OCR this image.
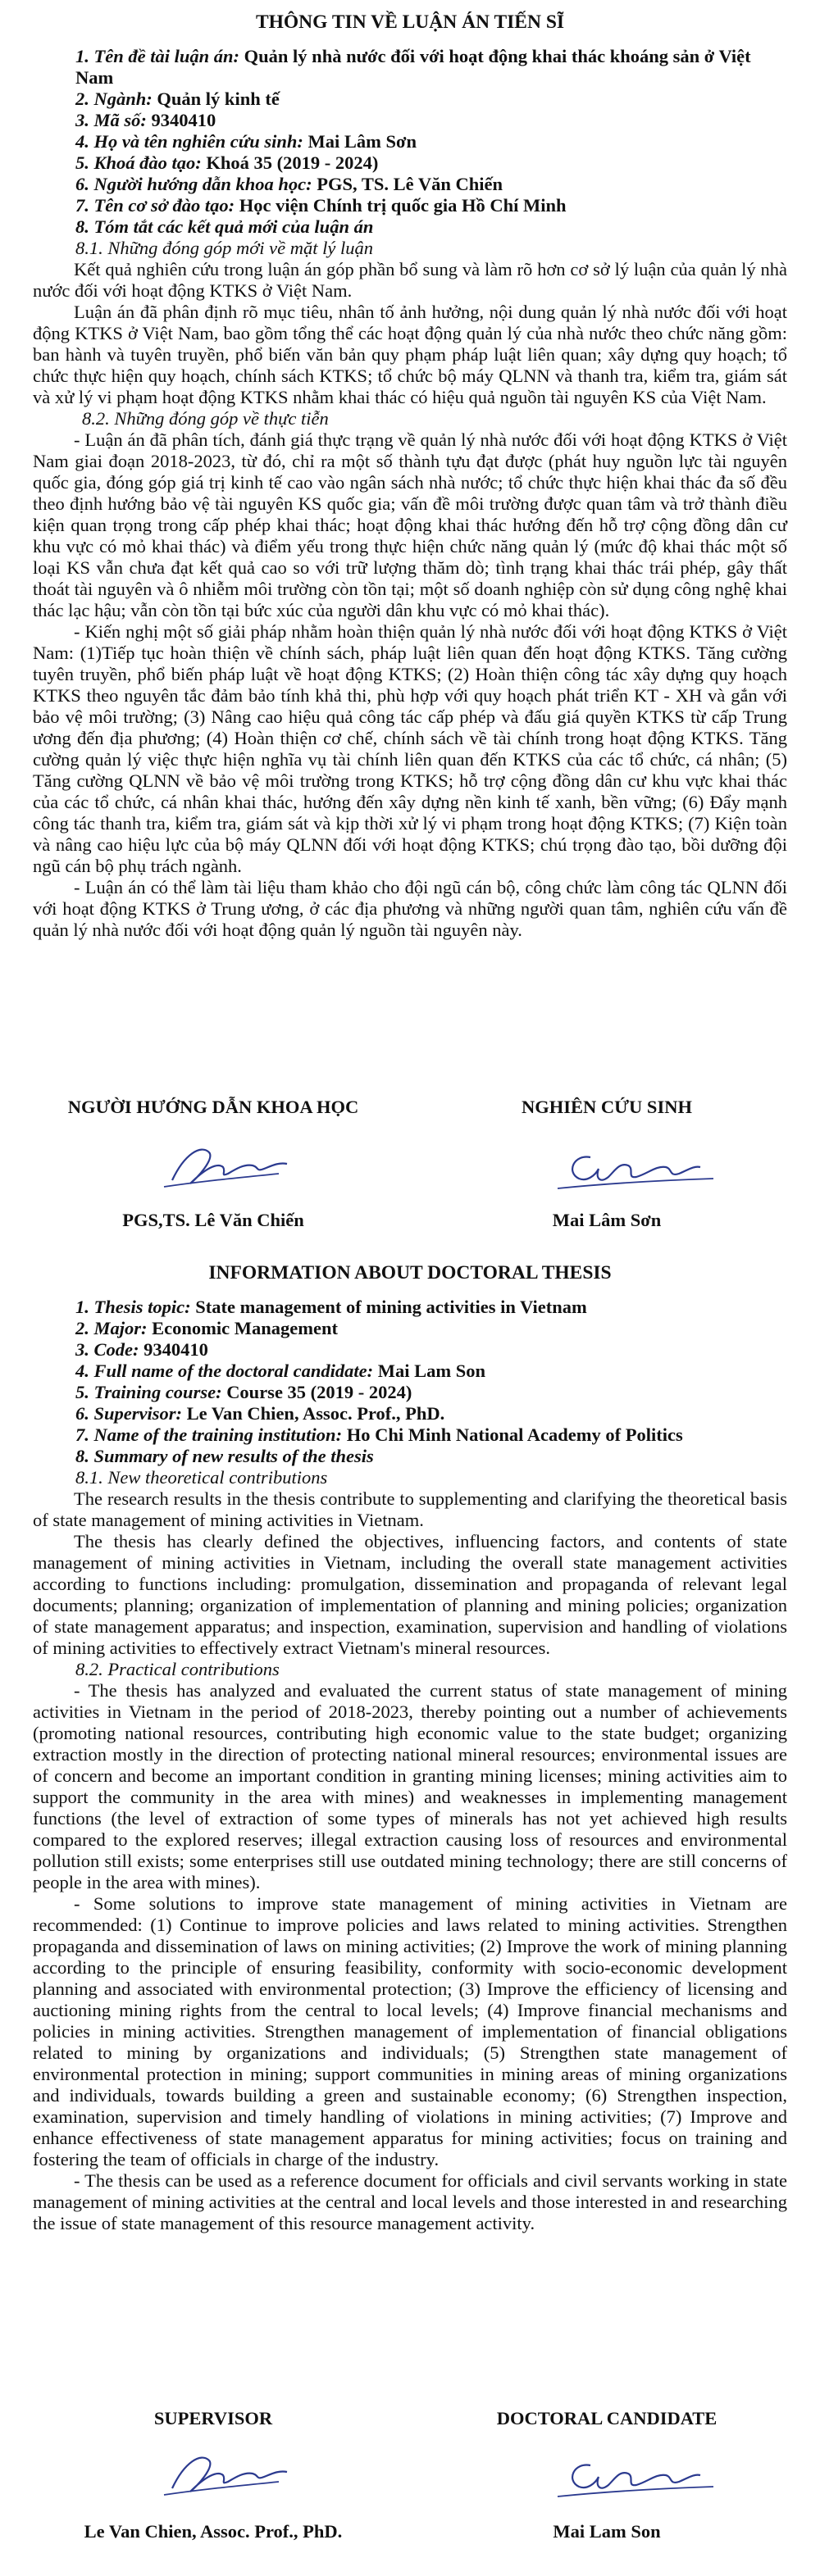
THÔNG TIN VỀ LUẬN ÁN TIẾN SĨ

1. Tên đề tài luận án: Quản lý nhà nước đối với hoạt động khai thác khoáng sản ở Việt Nam

2. Ngành: Quản lý kinh tế

3. Mã số: 9340410

4. Họ và tên nghiên cứu sinh: Mai Lâm Sơn

5. Khoá đào tạo: Khoá 35 (2019 - 2024)

6. Người hướng dẫn khoa học: PGS, TS. Lê Văn Chiến

7. Tên cơ sở đào tạo: Học viện Chính trị quốc gia Hồ Chí Minh

8. Tóm tắt các kết quả mới của luận án

8.1. Những đóng góp mới về mặt lý luận

Kết quả nghiên cứu trong luận án góp phần bổ sung và làm rõ hơn cơ sở lý luận của quản lý nhà nước đối với hoạt động KTKS ở Việt Nam.

Luận án đã phân định rõ mục tiêu, nhân tố ảnh hưởng, nội dung quản lý nhà nước đối với hoạt động KTKS ở Việt Nam, bao gồm tổng thể các hoạt động quản lý của nhà nước theo chức năng gồm: ban hành và tuyên truyền, phổ biến văn bản quy phạm pháp luật liên quan; xây dựng quy hoạch; tổ chức thực hiện quy hoạch, chính sách KTKS; tổ chức bộ máy QLNN và thanh tra, kiểm tra, giám sát và xử lý vi phạm hoạt động KTKS nhằm khai thác có hiệu quả nguồn tài nguyên KS của Việt Nam.

8.2. Những đóng góp về thực tiễn

- Luận án đã phân tích, đánh giá thực trạng về quản lý nhà nước đối với hoạt động KTKS ở Việt Nam giai đoạn 2018-2023, từ đó, chỉ ra một số thành tựu đạt được (phát huy nguồn lực tài nguyên quốc gia, đóng góp giá trị kinh tế cao vào ngân sách nhà nước; tổ chức thực hiện khai thác đa số đều theo định hướng bảo vệ tài nguyên KS quốc gia; vấn đề môi trường được quan tâm và trở thành điều kiện quan trọng trong cấp phép khai thác; hoạt động khai thác hướng đến hỗ trợ cộng đồng dân cư khu vực có mỏ khai thác) và điểm yếu trong thực hiện chức năng quản lý (mức độ khai thác một số loại KS vẫn chưa đạt kết quả cao so với trữ lượng thăm dò; tình trạng khai thác trái phép, gây thất thoát tài nguyên và ô nhiễm môi trường còn tồn tại; một số doanh nghiệp còn sử dụng công nghệ khai thác lạc hậu; vẫn còn tồn tại bức xúc của người dân khu vực có mỏ khai thác).

- Kiến nghị một số giải pháp nhằm hoàn thiện quản lý nhà nước đối với hoạt động KTKS ở Việt Nam: (1)Tiếp tục hoàn thiện về chính sách, pháp luật liên quan đến hoạt động KTKS. Tăng cường tuyên truyền, phổ biến pháp luật về hoạt động KTKS; (2) Hoàn thiện công tác xây dựng quy hoạch KTKS theo nguyên tắc đảm bảo tính khả thi, phù hợp với quy hoạch phát triển KT - XH và gắn với bảo vệ môi trường; (3) Nâng cao hiệu quả công tác cấp phép và đấu giá quyền KTKS từ cấp Trung ương đến địa phương; (4) Hoàn thiện cơ chế, chính sách về tài chính trong hoạt động KTKS. Tăng cường quản lý việc thực hiện nghĩa vụ tài chính liên quan đến KTKS của các tổ chức, cá nhân; (5) Tăng cường QLNN về bảo vệ môi trường trong KTKS; hỗ trợ cộng đồng dân cư khu vực khai thác của các tổ chức, cá nhân khai thác, hướng đến xây dựng nền kinh tế xanh, bền vững; (6) Đẩy mạnh công tác thanh tra, kiểm tra, giám sát và kịp thời xử lý vi phạm trong hoạt động KTKS; (7) Kiện toàn và nâng cao hiệu lực của bộ máy QLNN đối với hoạt động KTKS; chú trọng đào tạo, bồi dưỡng đội ngũ cán bộ phụ trách ngành.

- Luận án có thể làm tài liệu tham khảo cho đội ngũ cán bộ, công chức làm công tác QLNN đối với hoạt động KTKS ở Trung ương, ở các địa phương và những người quan tâm, nghiên cứu vấn đề quản lý nhà nước đối với hoạt động quản lý nguồn tài nguyên này.

NGƯỜI HƯỚNG DẪN KHOA HỌC
PGS,TS. Lê Văn Chiến
NGHIÊN CỨU SINH
Mai Lâm Sơn
INFORMATION ABOUT DOCTORAL THESIS

1. Thesis topic: State management of mining activities in Vietnam

2. Major: Economic Management

3. Code: 9340410

4. Full name of the doctoral candidate: Mai Lam Son

5. Training course: Course 35 (2019 - 2024)

6. Supervisor: Le Van Chien, Assoc. Prof., PhD.

7. Name of the training institution: Ho Chi Minh National Academy of Politics

8. Summary of new results of the thesis

8.1. New theoretical contributions

The research results in the thesis contribute to supplementing and clarifying the theoretical basis of state management of mining activities in Vietnam.

The thesis has clearly defined the objectives, influencing factors, and contents of state management of mining activities in Vietnam, including the overall state management activities according to functions including: promulgation, dissemination and propaganda of relevant legal documents; planning; organization of implementation of planning and mining policies; organization of state management apparatus; and inspection, examination, supervision and handling of violations of mining activities to effectively extract Vietnam's mineral resources.

8.2. Practical contributions

- The thesis has analyzed and evaluated the current status of state management of mining activities in Vietnam in the period of 2018-2023, thereby pointing out a number of achievements (promoting national resources, contributing high economic value to the state budget; organizing extraction mostly in the direction of protecting national mineral resources; environmental issues are of concern and become an important condition in granting mining licenses; mining activities aim to support the community in the area with mines) and weaknesses in implementing management functions (the level of extraction of some types of minerals has not yet achieved high results compared to the explored reserves; illegal extraction causing loss of resources and environmental pollution still exists; some enterprises still use outdated mining technology; there are still concerns of people in the area with mines).

- Some solutions to improve state management of mining activities in Vietnam are recommended: (1) Continue to improve policies and laws related to mining activities. Strengthen propaganda and dissemination of laws on mining activities; (2) Improve the work of mining planning according to the principle of ensuring feasibility, conformity with socio-economic development planning and associated with environmental protection; (3) Improve the efficiency of licensing and auctioning mining rights from the central to local levels; (4) Improve financial mechanisms and policies in mining activities. Strengthen management of implementation of financial obligations related to mining by organizations and individuals; (5) Strengthen state management of environmental protection in mining; support communities in mining areas of mining organizations and individuals, towards building a green and sustainable economy; (6) Strengthen inspection, examination, supervision and timely handling of violations in mining activities; (7) Improve and enhance effectiveness of state management apparatus for mining activities; focus on training and fostering the team of officials in charge of the industry.

- The thesis can be used as a reference document for officials and civil servants working in state management of mining activities at the central and local levels and those interested in and researching the issue of state management of this resource management activity.

SUPERVISOR
Le Van Chien, Assoc. Prof., PhD.
DOCTORAL CANDIDATE
Mai Lam Son
